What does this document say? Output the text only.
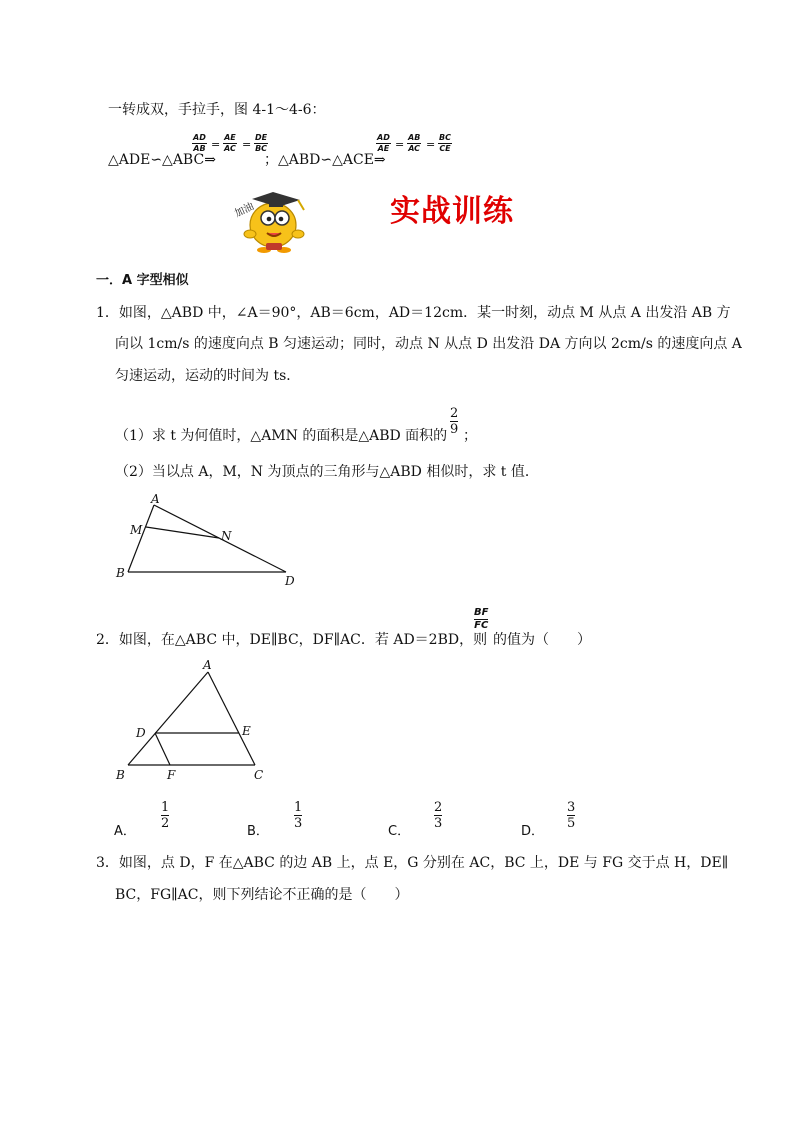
一转成双，手拉手，图 4-1～4-6：
△ADE∽△ABC⇒
$\frac{AD}{AB} = \frac{AE}{AC} = \frac{DE}{BC}$
；△ABD∽△ACE⇒
$\frac{AD}{AE} = \frac{AB}{AC} = \frac{BC}{CE}$
加油	实战训练
一．A 字型相似
1．如图，△ABD 中，∠A＝90°，AB＝6cm，AD＝12cm．某一时刻，动点 M 从点 A 出发沿 AB 方
向以 1cm/s 的速度向点 B 匀速运动；同时，动点 N 从点 D 出发沿 DA 方向以 2cm/s 的速度向点 A
匀速运动，运动的时间为 ts．
（1）求 t 为何值时，△AMN 的面积是△ABD 面积的
2
9 ；
（2）当以点 A，M，N 为顶点的三角形与△ABD 相似时，求 t 值．
A
M	N
B
D
2．如图，在△ABC 中，DE∥BC，DF∥AC．若 AD＝2BD，则
BF
FC
的值为（　　）
A
D	E
B	F	C
A．
1
2
B．
1
3
C．
2
3
D．
3
5
3．如图，点 D，F 在△ABC 的边 AB 上，点 E，G 分别在 AC，BC 上，DE 与 FG 交于点 H，DE∥
BC，FG∥AC，则下列结论不正确的是（　　）
